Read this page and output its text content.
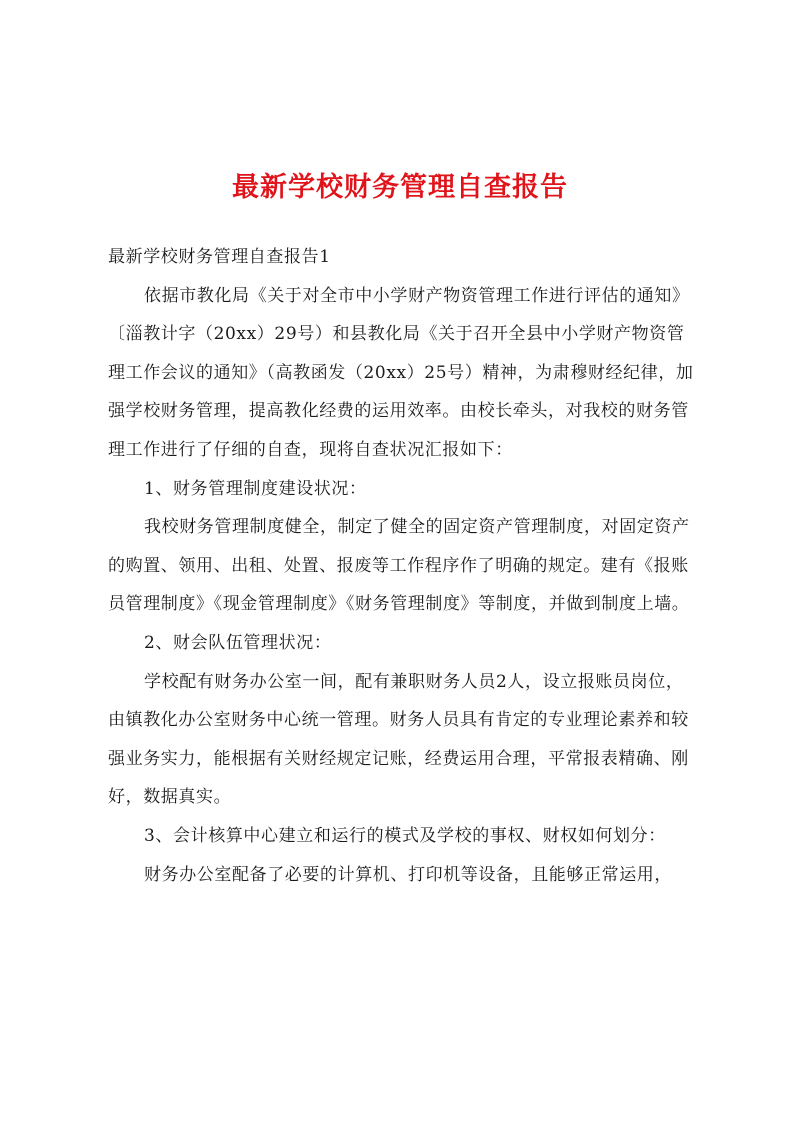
最新学校财务管理自查报告

最新学校财务管理自查报告1

依据市教化局《关于对全市中小学财产物资管理工作进行评估的通知》〔淄教计字（20xx）29号）和县教化局《关于召开全县中小学财产物资管理工作会议的通知》（高教函发（20xx）25号）精神，为肃穆财经纪律，加强学校财务管理，提高教化经费的运用效率。由校长牵头，对我校的财务管理工作进行了仔细的自查，现将自查状况汇报如下：

1、财务管理制度建设状况：

我校财务管理制度健全，制定了健全的固定资产管理制度，对固定资产的购置、领用、出租、处置、报废等工作程序作了明确的规定。建有《报账员管理制度》《现金管理制度》《财务管理制度》等制度，并做到制度上墙。

2、财会队伍管理状况：

学校配有财务办公室一间，配有兼职财务人员2人，设立报账员岗位，由镇教化办公室财务中心统一管理。财务人员具有肯定的专业理论素养和较强业务实力，能根据有关财经规定记账，经费运用合理，平常报表精确、刚好，数据真实。

3、会计核算中心建立和运行的模式及学校的事权、财权如何划分：

财务办公室配备了必要的计算机、打印机等设备，且能够正常运用，
